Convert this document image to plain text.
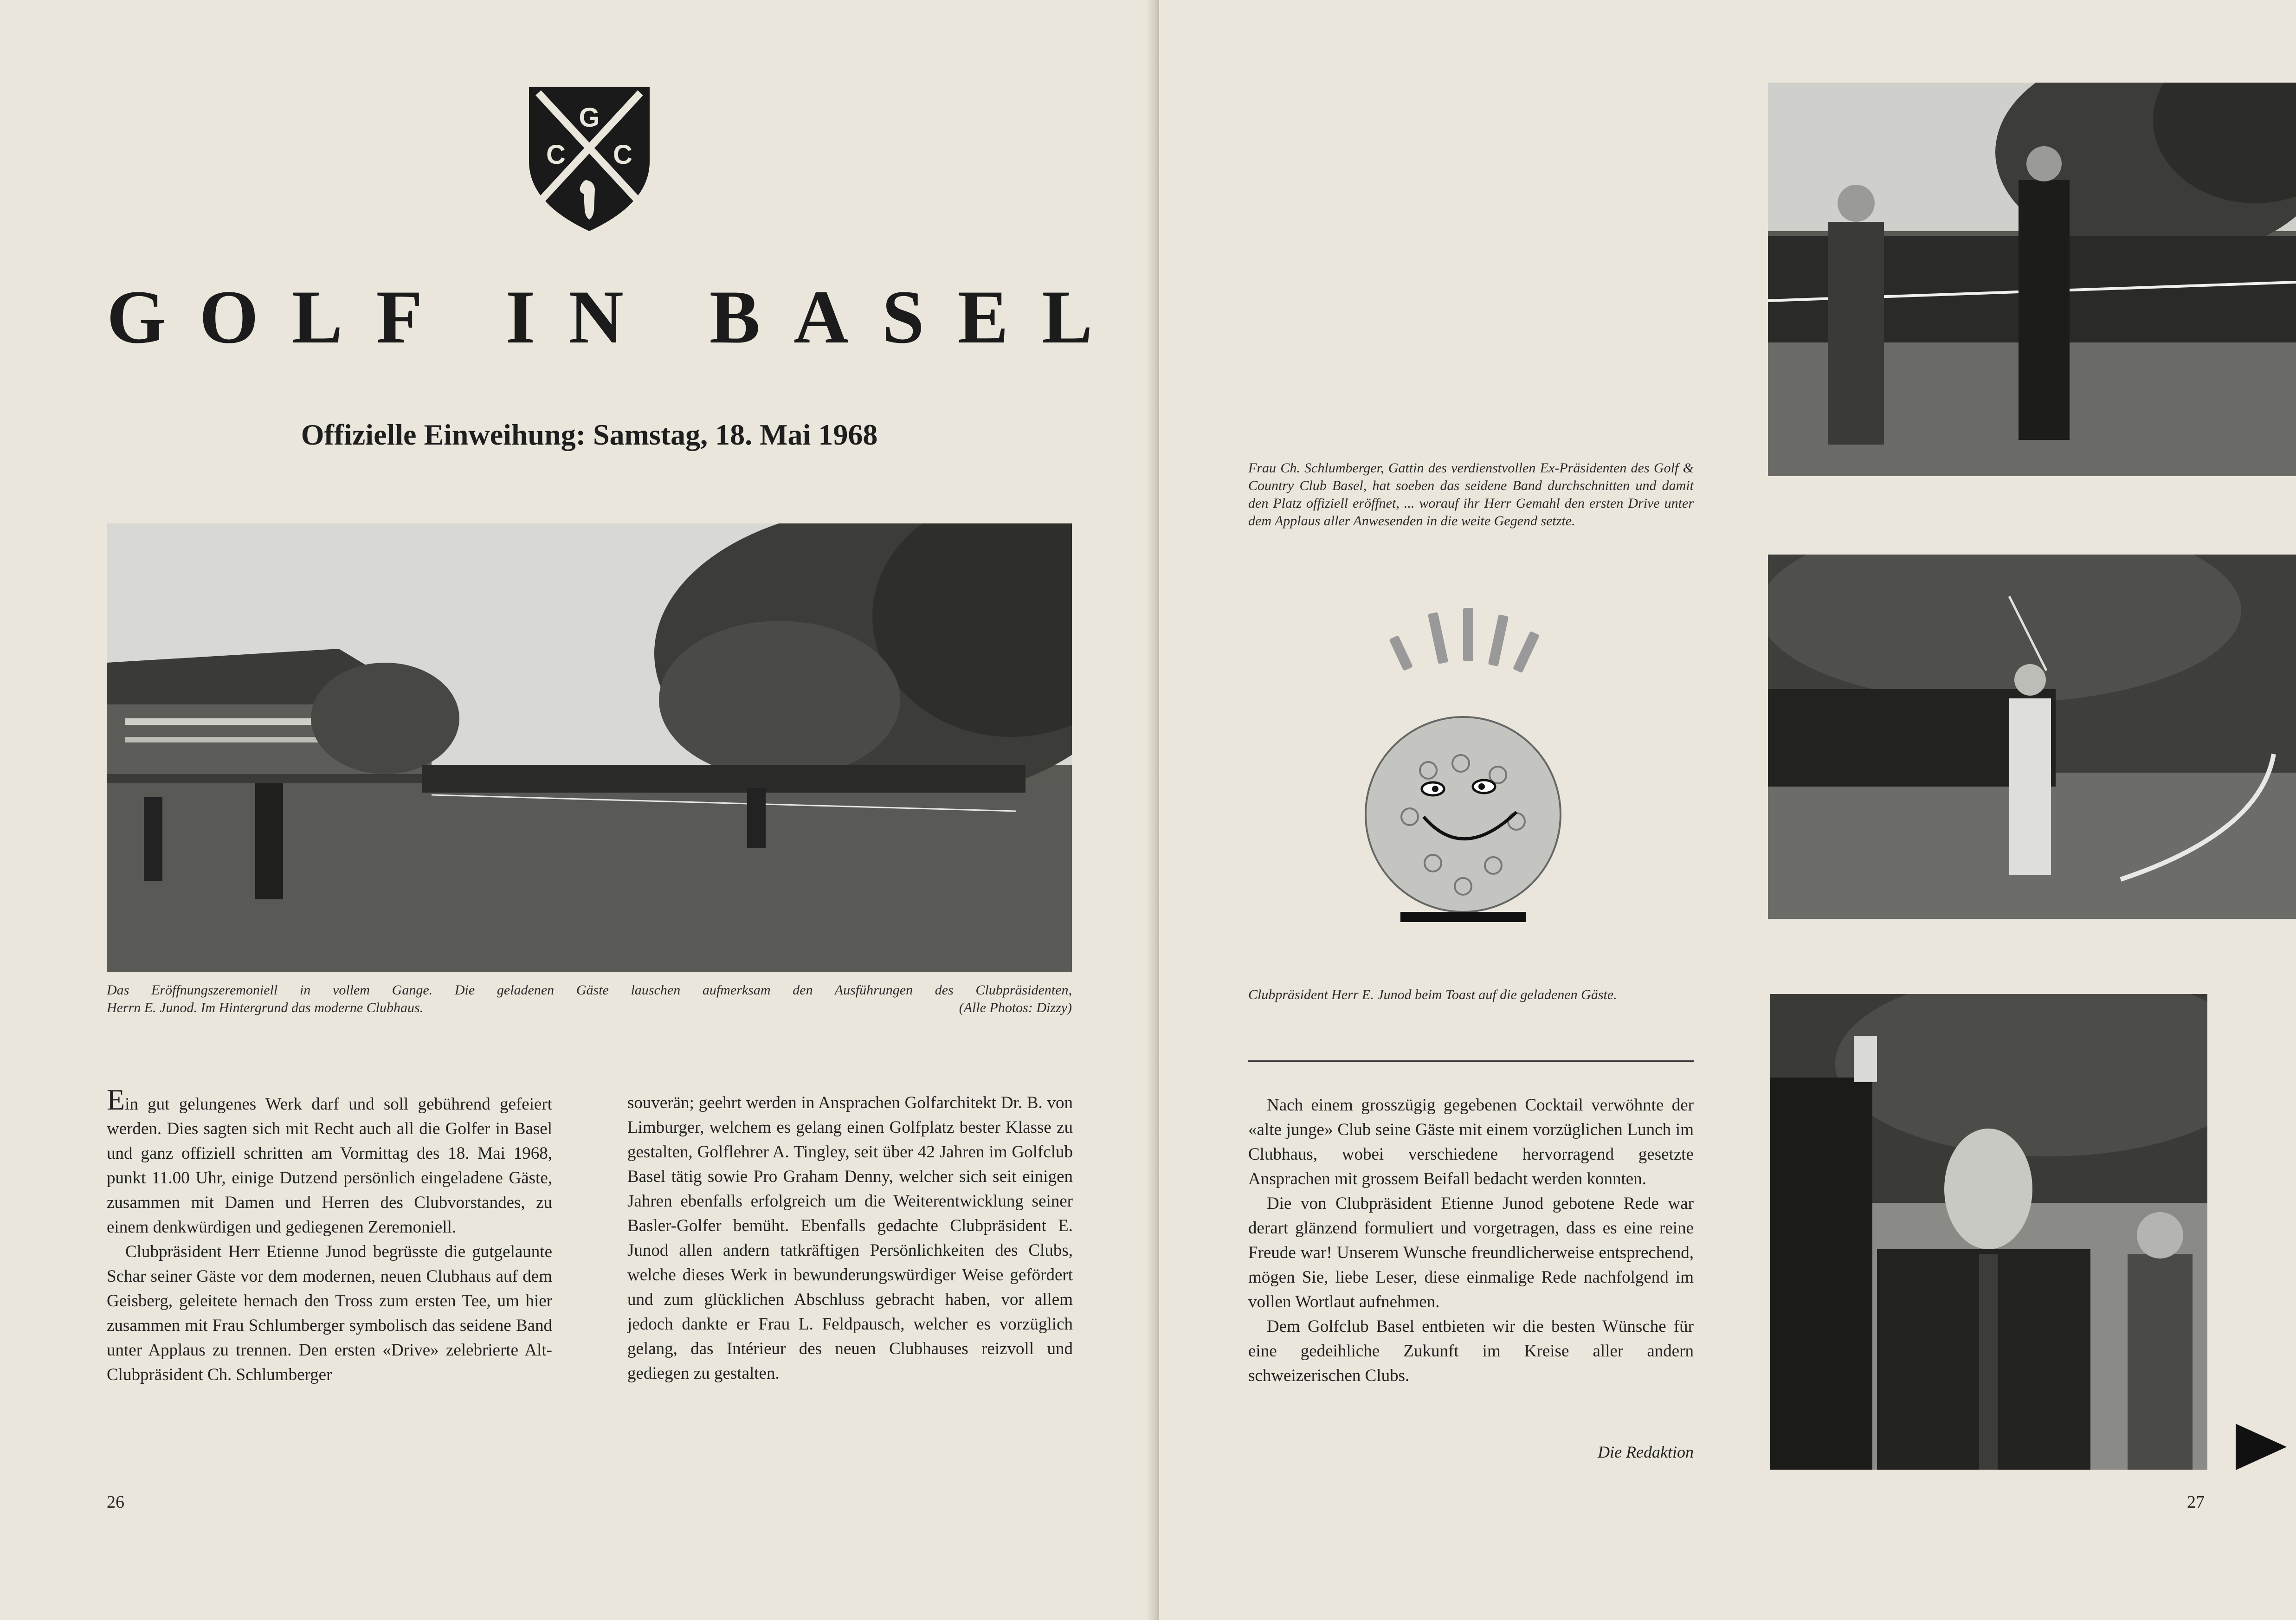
G
C C
GOLF IN BASEL
Offizielle Einweihung: Samstag, 18. Mai 1968
Das Eröffnungszeremoniell in vollem Gange. Die geladenen Gäste lauschen aufmerksam den Ausführungen des Clubpräsidenten,
Herrn E. Junod. Im Hintergrund das moderne Clubhaus.	(Alle Photos: Dizzy)

Ein gut gelungenes Werk darf und soll gebührend gefeiert werden. Dies sagten sich mit Recht auch all die Golfer in Basel und ganz offiziell schritten am Vormittag des 18. Mai 1968, punkt 11.00 Uhr, einige Dutzend persönlich eingeladene Gäste, zusammen mit Damen und Herren des Clubvorstandes, zu einem denkwürdigen und gediegenen Zeremoniell.

Clubpräsident Herr Etienne Junod begrüsste die gutgelaunte Schar seiner Gäste vor dem modernen, neuen Clubhaus auf dem Geisberg, geleitete hernach den Tross zum ersten Tee, um hier zusammen mit Frau Schlumberger symbolisch das seidene Band unter Applaus zu trennen. Den ersten «Drive» zelebrierte Alt-Clubpräsident Ch. Schlumberger

souverän; geehrt werden in Ansprachen Golfarchitekt Dr. B. von Limburger, welchem es gelang einen Golfplatz bester Klasse zu gestalten, Golflehrer A. Tingley, seit über 42 Jahren im Golfclub Basel tätig sowie Pro Graham Denny, welcher sich seit einigen Jahren ebenfalls erfolgreich um die Weiterentwicklung seiner Basler-Golfer bemüht. Ebenfalls gedachte Clubpräsident E. Junod allen andern tatkräftigen Persönlichkeiten des Clubs, welche dieses Werk in bewunderungswürdiger Weise gefördert und zum glücklichen Abschluss gebracht haben, vor allem jedoch dankte er Frau L. Feldpausch, welcher es vorzüglich gelang, das Intérieur des neuen Clubhauses reizvoll und gediegen zu gestalten.

26
Frau Ch. Schlumberger, Gattin des verdienstvollen Ex-Präsidenten des Golf & Country Club Basel, hat soeben das seidene Band durchschnitten und damit den Platz offiziell eröffnet, ... worauf ihr Herr Gemahl den ersten Drive unter dem Applaus aller Anwesenden in die weite Gegend setzte.
Clubpräsident Herr E. Junod beim Toast auf die geladenen Gäste.

Nach einem grosszügig gegebenen Cocktail verwöhnte der «alte junge» Club seine Gäste mit einem vorzüglichen Lunch im Clubhaus, wobei verschiedene hervorragend gesetzte Ansprachen mit grossem Beifall bedacht werden konnten.

Die von Clubpräsident Etienne Junod gebotene Rede war derart glänzend formuliert und vorgetragen, dass es eine reine Freude war! Unserem Wunsche freundlicherweise entsprechend, mögen Sie, liebe Leser, diese einmalige Rede nachfolgend im vollen Wortlaut aufnehmen.

Dem Golfclub Basel entbieten wir die besten Wünsche für eine gedeihliche Zukunft im Kreise aller andern schweizerischen Clubs.

Die Redaktion
27
